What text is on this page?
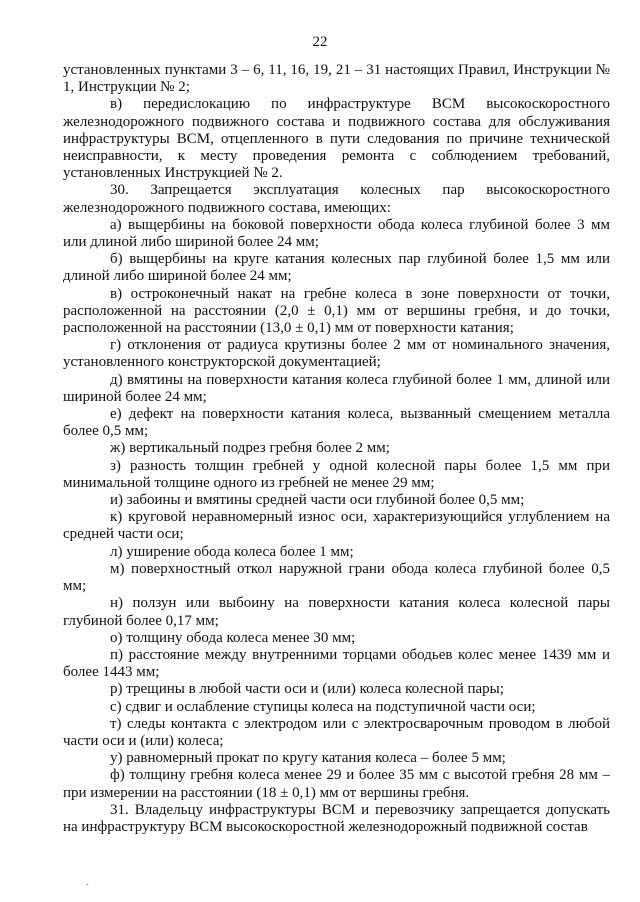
22

установленных пунктами 3 – 6, 11, 16, 19, 21 – 31 настоящих Правил, Инструкции № 1, Инструкции № 2;

в) передислокацию по инфраструктуре ВСМ высокоскоростного железнодорожного подвижного состава и подвижного состава для обслуживания инфраструктуры ВСМ, отцепленного в пути следования по причине технической неисправности, к месту проведения ремонта с соблюдением требований, установленных Инструкцией № 2.

30. Запрещается эксплуатация колесных пар высокоскоростного железнодорожного подвижного состава, имеющих:

а) выщербины на боковой поверхности обода колеса глубиной более 3 мм или длиной либо шириной более 24 мм;

б) выщербины на круге катания колесных пар глубиной более 1,5 мм или длиной либо шириной более 24 мм;

в) остроконечный накат на гребне колеса в зоне поверхности от точки, расположенной на расстоянии (2,0 ± 0,1) мм от вершины гребня, и до точки, расположенной на расстоянии (13,0 ± 0,1) мм от поверхности катания;

г) отклонения от радиуса крутизны более 2 мм от номинального значения, установленного конструкторской документацией;

д) вмятины на поверхности катания колеса глубиной более 1 мм, длиной или шириной более 24 мм;

е) дефект на поверхности катания колеса, вызванный смещением металла более 0,5 мм;

ж) вертикальный подрез гребня более 2 мм;

з) разность толщин гребней у одной колесной пары более 1,5 мм при минимальной толщине одного из гребней не менее 29 мм;

и) забоины и вмятины средней части оси глубиной более 0,5 мм;

к) круговой неравномерный износ оси, характеризующийся углублением на средней части оси;

л) уширение обода колеса более 1 мм;

м) поверхностный откол наружной грани обода колеса глубиной более 0,5 мм;

н) ползун или выбоину на поверхности катания колеса колесной пары глубиной более 0,17 мм;

о) толщину обода колеса менее 30 мм;

п) расстояние между внутренними торцами ободьев колес менее 1439 мм и более 1443 мм;

р) трещины в любой части оси и (или) колеса колесной пары;

с) сдвиг и ослабление ступицы колеса на подступичной части оси;

т) следы контакта с электродом или с электросварочным проводом в любой части оси и (или) колеса;

у) равномерный прокат по кругу катания колеса – более 5 мм;

ф) толщину гребня колеса менее 29 и более 35 мм с высотой гребня 28 мм – при измерении на расстоянии (18 ± 0,1) мм от вершины гребня.

31. Владельцу инфраструктуры ВСМ и перевозчику запрещается допускать на инфраструктуру ВСМ высокоскоростной железнодорожный подвижной состав

·
